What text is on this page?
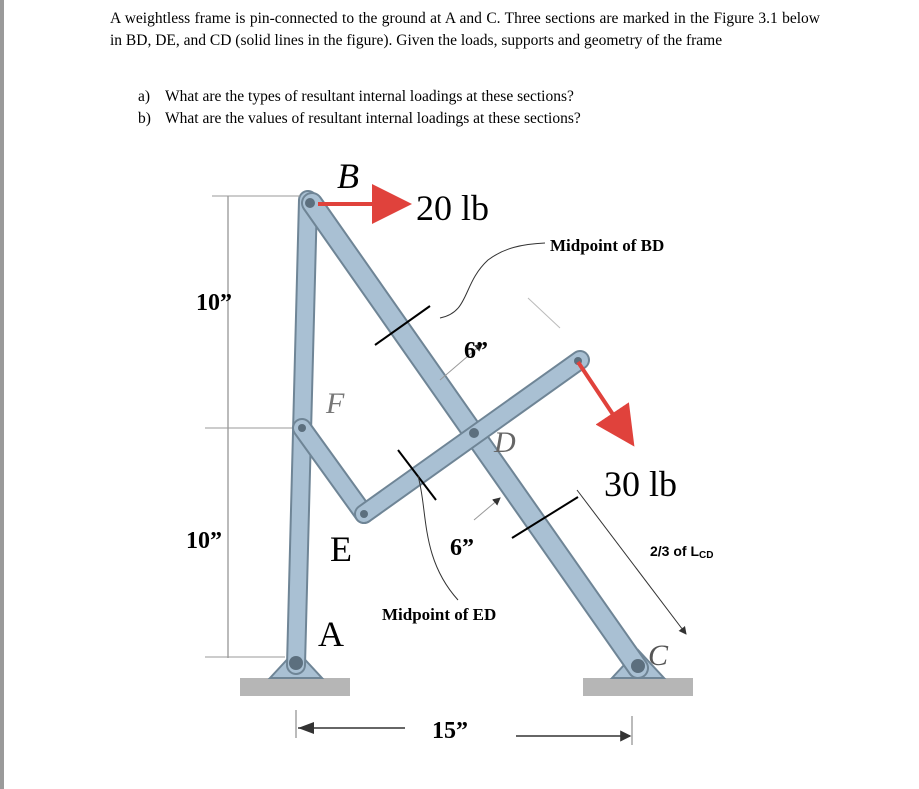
A weightless frame is pin-connected to the ground at A and C. Three sections are marked in the Figure 3.1 below in BD, DE, and CD (solid lines in the figure). Given the loads, supports and geometry of the frame
a) What are the types of resultant internal loadings at these sections?
b) What are the values of resultant internal loadings at these sections?
B
D
F
E
A
C
20 lb
30 lb
10”
10”
6”
6”
15”
Midpoint of BD
Midpoint of ED
2/3 of LCD
